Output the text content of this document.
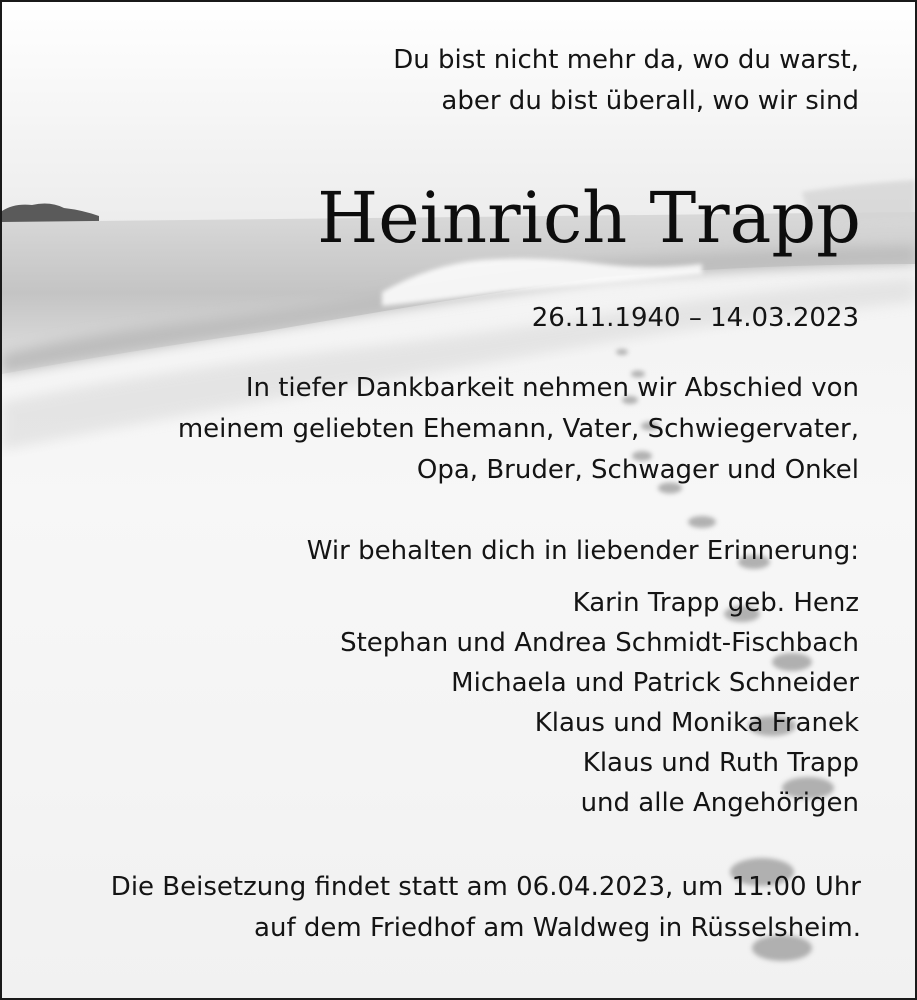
Du bist nicht mehr da, wo du warst,
aber du bist überall, wo wir sind
Heinrich Trapp
26.11.1940 – 14.03.2023
In tiefer Dankbarkeit nehmen wir Abschied von
meinem geliebten Ehemann, Vater, Schwiegervater,
Opa, Bruder, Schwager und Onkel
Wir behalten dich in liebender Erinnerung:
Karin Trapp geb. Henz
Stephan und Andrea Schmidt-Fischbach
Michaela und Patrick Schneider
Klaus und Monika Franek
Klaus und Ruth Trapp
und alle Angehörigen
Die Beisetzung findet statt am 06.04.2023, um 11:00 Uhr
auf dem Friedhof am Waldweg in Rüsselsheim.
